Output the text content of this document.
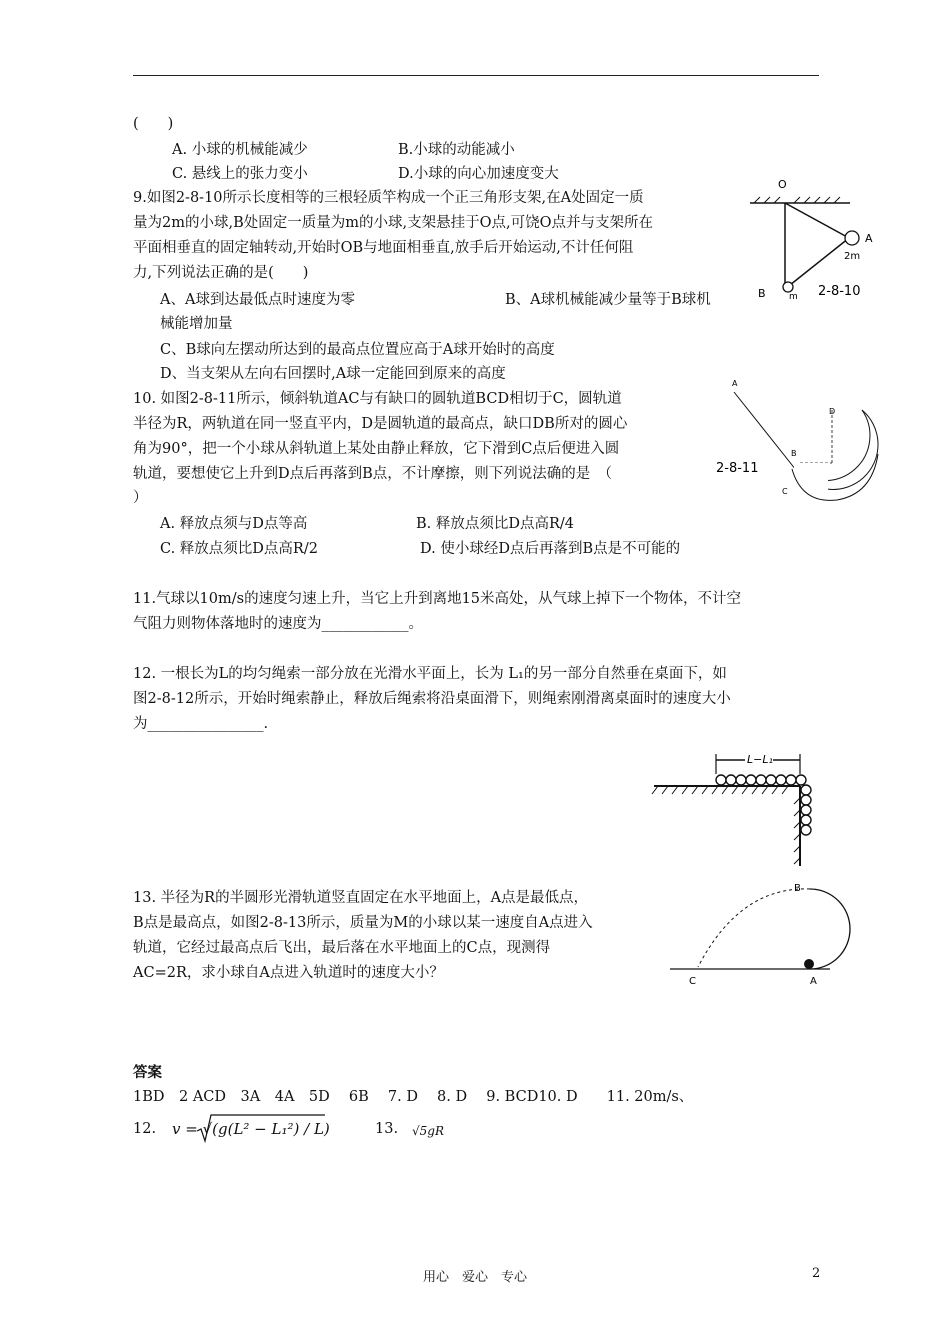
(　　)
A. 小球的机械能减少	B.小球的动能减小
C. 悬线上的张力变小	D.小球的向心加速度变大
9.如图2-8-10所示长度相等的三根轻质竿构成一个正三角形支架,在A处固定一质
量为2m的小球,B处固定一质量为m的小球,支架悬挂于O点,可饶O点并与支架所在
平面相垂直的固定轴转动,开始时OB与地面相垂直,放手后开始运动,不计任何阻
力,下列说法正确的是(　　)
A、A球到达最低点时速度为零	B、A球机械能减少量等于B球机
械能增加量
C、B球向左摆动所达到的最高点位置应高于A球开始时的高度
D、当支架从左向右回摆时,A球一定能回到原来的高度
10. 如图2-8-11所示，倾斜轨道AC与有缺口的圆轨道BCD相切于C，圆轨道
半径为R，两轨道在同一竖直平内，D是圆轨道的最高点，缺口DB所对的圆心
角为90°，把一个小球从斜轨道上某处由静止释放，它下滑到C点后便进入圆
轨道，要想使它上升到D点后再落到B点，不计摩擦，则下列说法确的是　（
）
A. 释放点须与D点等高	B. 释放点须比D点高R/4
C. 释放点须比D点高R/2	D. 使小球经D点后再落到B点是不可能的
11.气球以10m/s的速度匀速上升，当它上升到离地15米高处，从气球上掉下一个物体，不计空
气阻力则物体落地时的速度为____________。
12. 一根长为L的均匀绳索一部分放在光滑水平面上，长为 L₁的另一部分自然垂在桌面下，如
图2-8-12所示，开始时绳索静止，释放后绳索将沿桌面滑下，则绳索刚滑离桌面时的速度大小
为________________.
13. 半径为R的半圆形光滑轨道竖直固定在水平地面上，A点是最低点，
B点是最高点，如图2-8-13所示，质量为M的小球以某一速度自A点进入
轨道，它经过最高点后飞出，最后落在水平地面上的C点，现测得
AC=2R，求小球自A点进入轨道时的速度大小？
答案
1BD　2 ACD　3A　4A　5D　 6B　 7. D　 8. D　 9. BCD10. D　　11. 20m/s、
12. v = √(g(L² − L₁²) / L)	13. √5gR
O
A
2m
B	m 2-8-10
A
D
B
C
2-8-11
L−L₁
B
C	A
用心　爱心　专心	2
